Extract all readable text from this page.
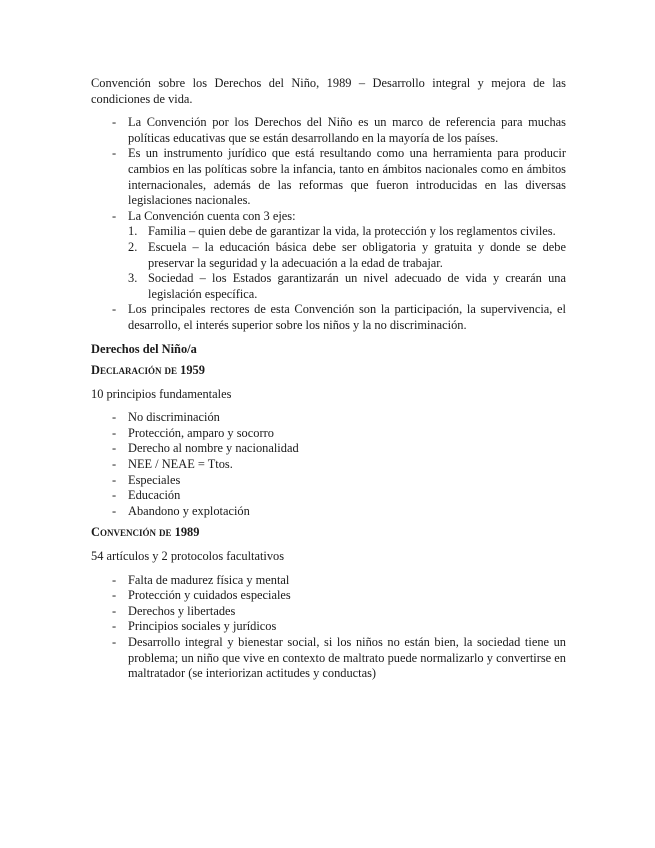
Convención sobre los Derechos del Niño, 1989 – Desarrollo integral y mejora de las condiciones de vida.

- La Convención por los Derechos del Niño es un marco de referencia para muchas políticas educativas que se están desarrollando en la mayoría de los países.
- Es un instrumento jurídico que está resultando como una herramienta para producir cambios en las políticas sobre la infancia, tanto en ámbitos nacionales como en ámbitos internacionales, además de las reformas que fueron introducidas en las diversas legislaciones nacionales.
- La Convención cuenta con 3 ejes:
Familia – quien debe de garantizar la vida, la protección y los reglamentos civiles.
Escuela – la educación básica debe ser obligatoria y gratuita y donde se debe preservar la seguridad y la adecuación a la edad de trabajar.
Sociedad – los Estados garantizarán un nivel adecuado de vida y crearán una legislación específica.
- Los principales rectores de esta Convención son la participación, la supervivencia, el desarrollo, el interés superior sobre los niños y la no discriminación.

Derechos del Niño/a

Declaración de 1959

10 principios fundamentales

- No discriminación
- Protección, amparo y socorro
- Derecho al nombre y nacionalidad
- NEE / NEAE = Ttos.
- Especiales
- Educación
- Abandono y explotación

Convención de 1989

54 artículos y 2 protocolos facultativos

- Falta de madurez física y mental
- Protección y cuidados especiales
- Derechos y libertades
- Principios sociales y jurídicos
- Desarrollo integral y bienestar social, si los niños no están bien, la sociedad tiene un problema; un niño que vive en contexto de maltrato puede normalizarlo y convertirse en maltratador (se interiorizan actitudes y conductas)
